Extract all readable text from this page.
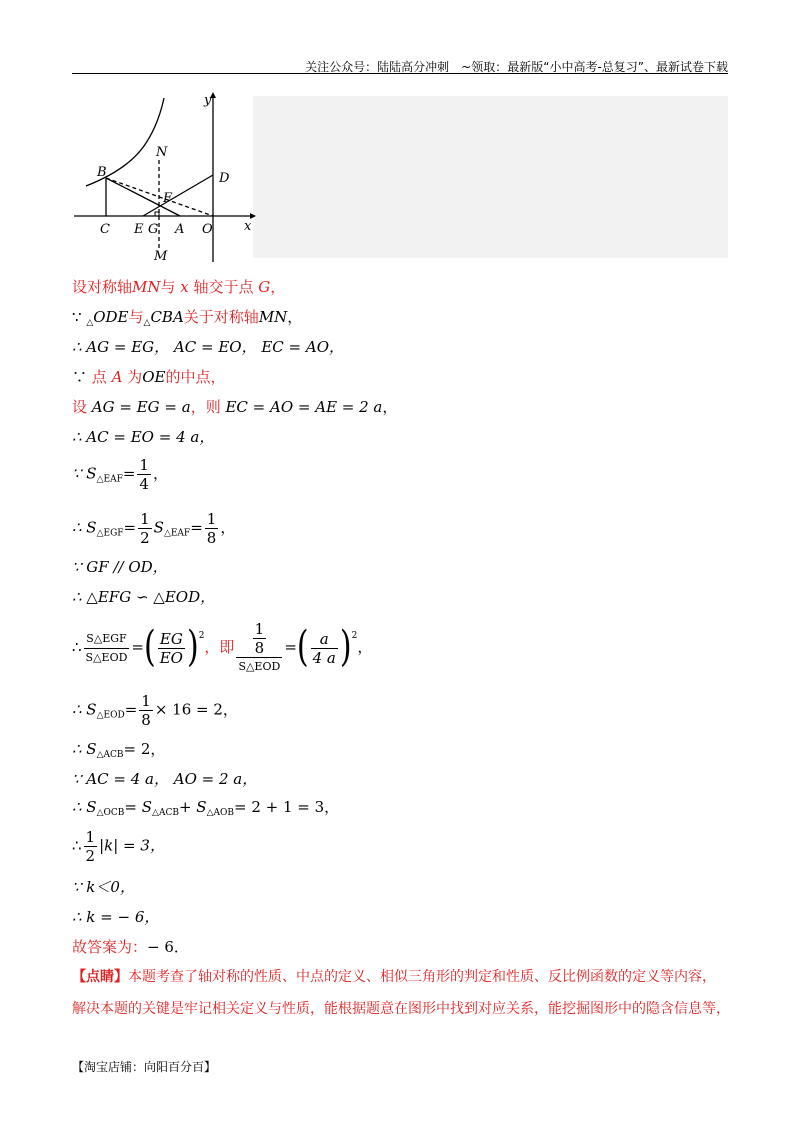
关注公众号：陆陆高分冲刺　~领取：最新版“小中高考-总复习”、最新试卷下载
y
x
B
N
D
F
C E G A O
M
设对称轴MN与 x 轴交于点 G，
∵ $_\triangle$ODE与$_\triangle$CBA关于对称轴MN，
∴ AG = EG， AC = EO， EC = AO，
∵ 点 A 为OE的中点，
设 AG = EG = a，则 EC = AO = AE = 2 a，
∴ AC = EO = 4 a，
∵ $S_{\triangle EAF}= \frac{1}{4}$ ，
∴ $S_{\triangle EGF}= \frac{1}{2} S_{\triangle EAF}= \frac{1}{8}$ ，
∵ GF // OD，
∴ △EFG ∽ △EOD，
∴ $\frac{\text{S△EGF}}{\text{S△EOD}}$ =( $\frac{EG}{EO} )^2$，即 $\frac{\frac{1}{8}}{\text{S△EOD}}$ =( $\frac{a}{4 a} )^2$，
∴ $S_{\triangle EOD}= \frac{1}{8} \times 16 = 2$，
∴ $S_{\triangle ACB}= 2$，
∵ AC = 4 a， AO = 2 a，
∴ $S_{\triangle OCB}= S_{\triangle ACB}+ S_{\triangle AOB}= 2 + 1 = 3$，
∴ $\frac{1}{2} |k| = 3$，
∵ k＜0，
∴ k = − 6，
故答案为：− 6．
【点睛】本题考查了轴对称的性质、中点的定义、相似三角形的判定和性质、反比例函数的定义等内容，
解决本题的关键是牢记相关定义与性质，能根据题意在图形中找到对应关系，能挖掘图形中的隐含信息等，
【淘宝店铺：向阳百分百】
